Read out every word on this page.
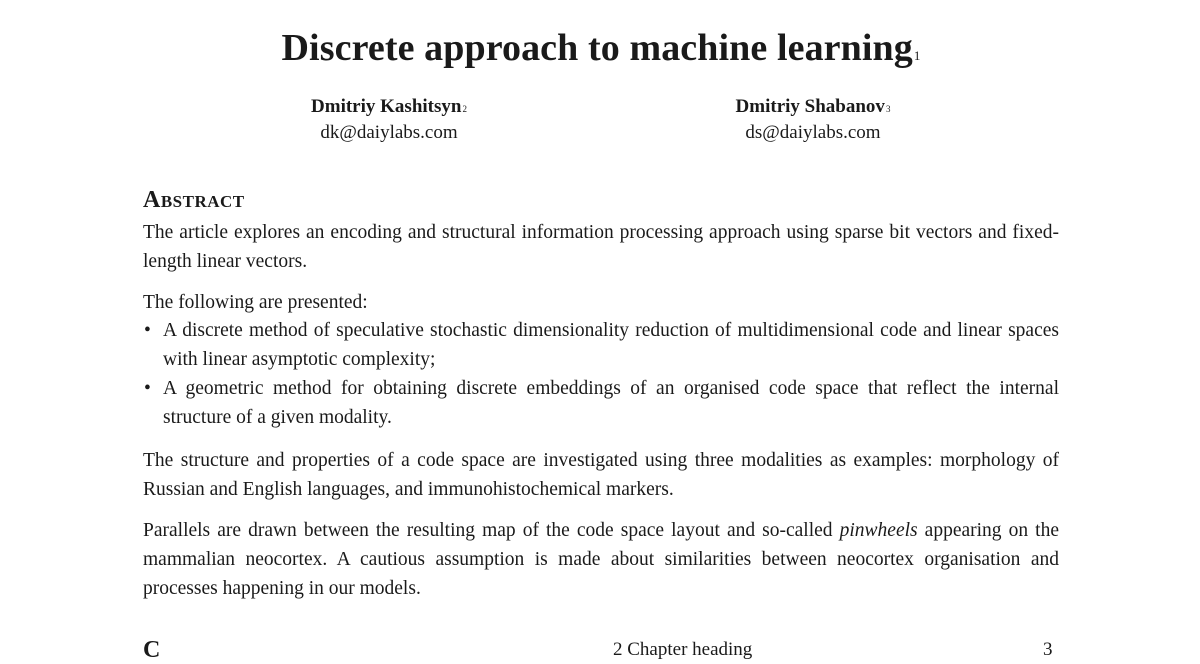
Discrete approach to machine learning$^1$
Dmitriy Kashitsyn$^2$
dk@daiylabs.com
Dmitriy Shabanov$^3$
ds@daiylabs.com
Abstract
The article explores an encoding and structural information processing approach using sparse bit vectors and fixed-length linear vectors.
The following are presented:
• A discrete method of speculative stochastic dimensionality reduction of multidimensional code and linear spaces with linear asymptotic complexity;
• A geometric method for obtaining discrete embeddings of an organised code space that reflect the internal structure of a given modality.
The structure and properties of a code space are investigated using three modalities as examples: morphology of Russian and English languages, and immunohistochemical markers.
Parallels are drawn between the resulting map of the code space layout and so-called pinwheels appearing on the mammalian neocortex. A cautious assumption is made about similarities between neocortex organisation and processes happening in our models.
C	2 Chapter heading	3
